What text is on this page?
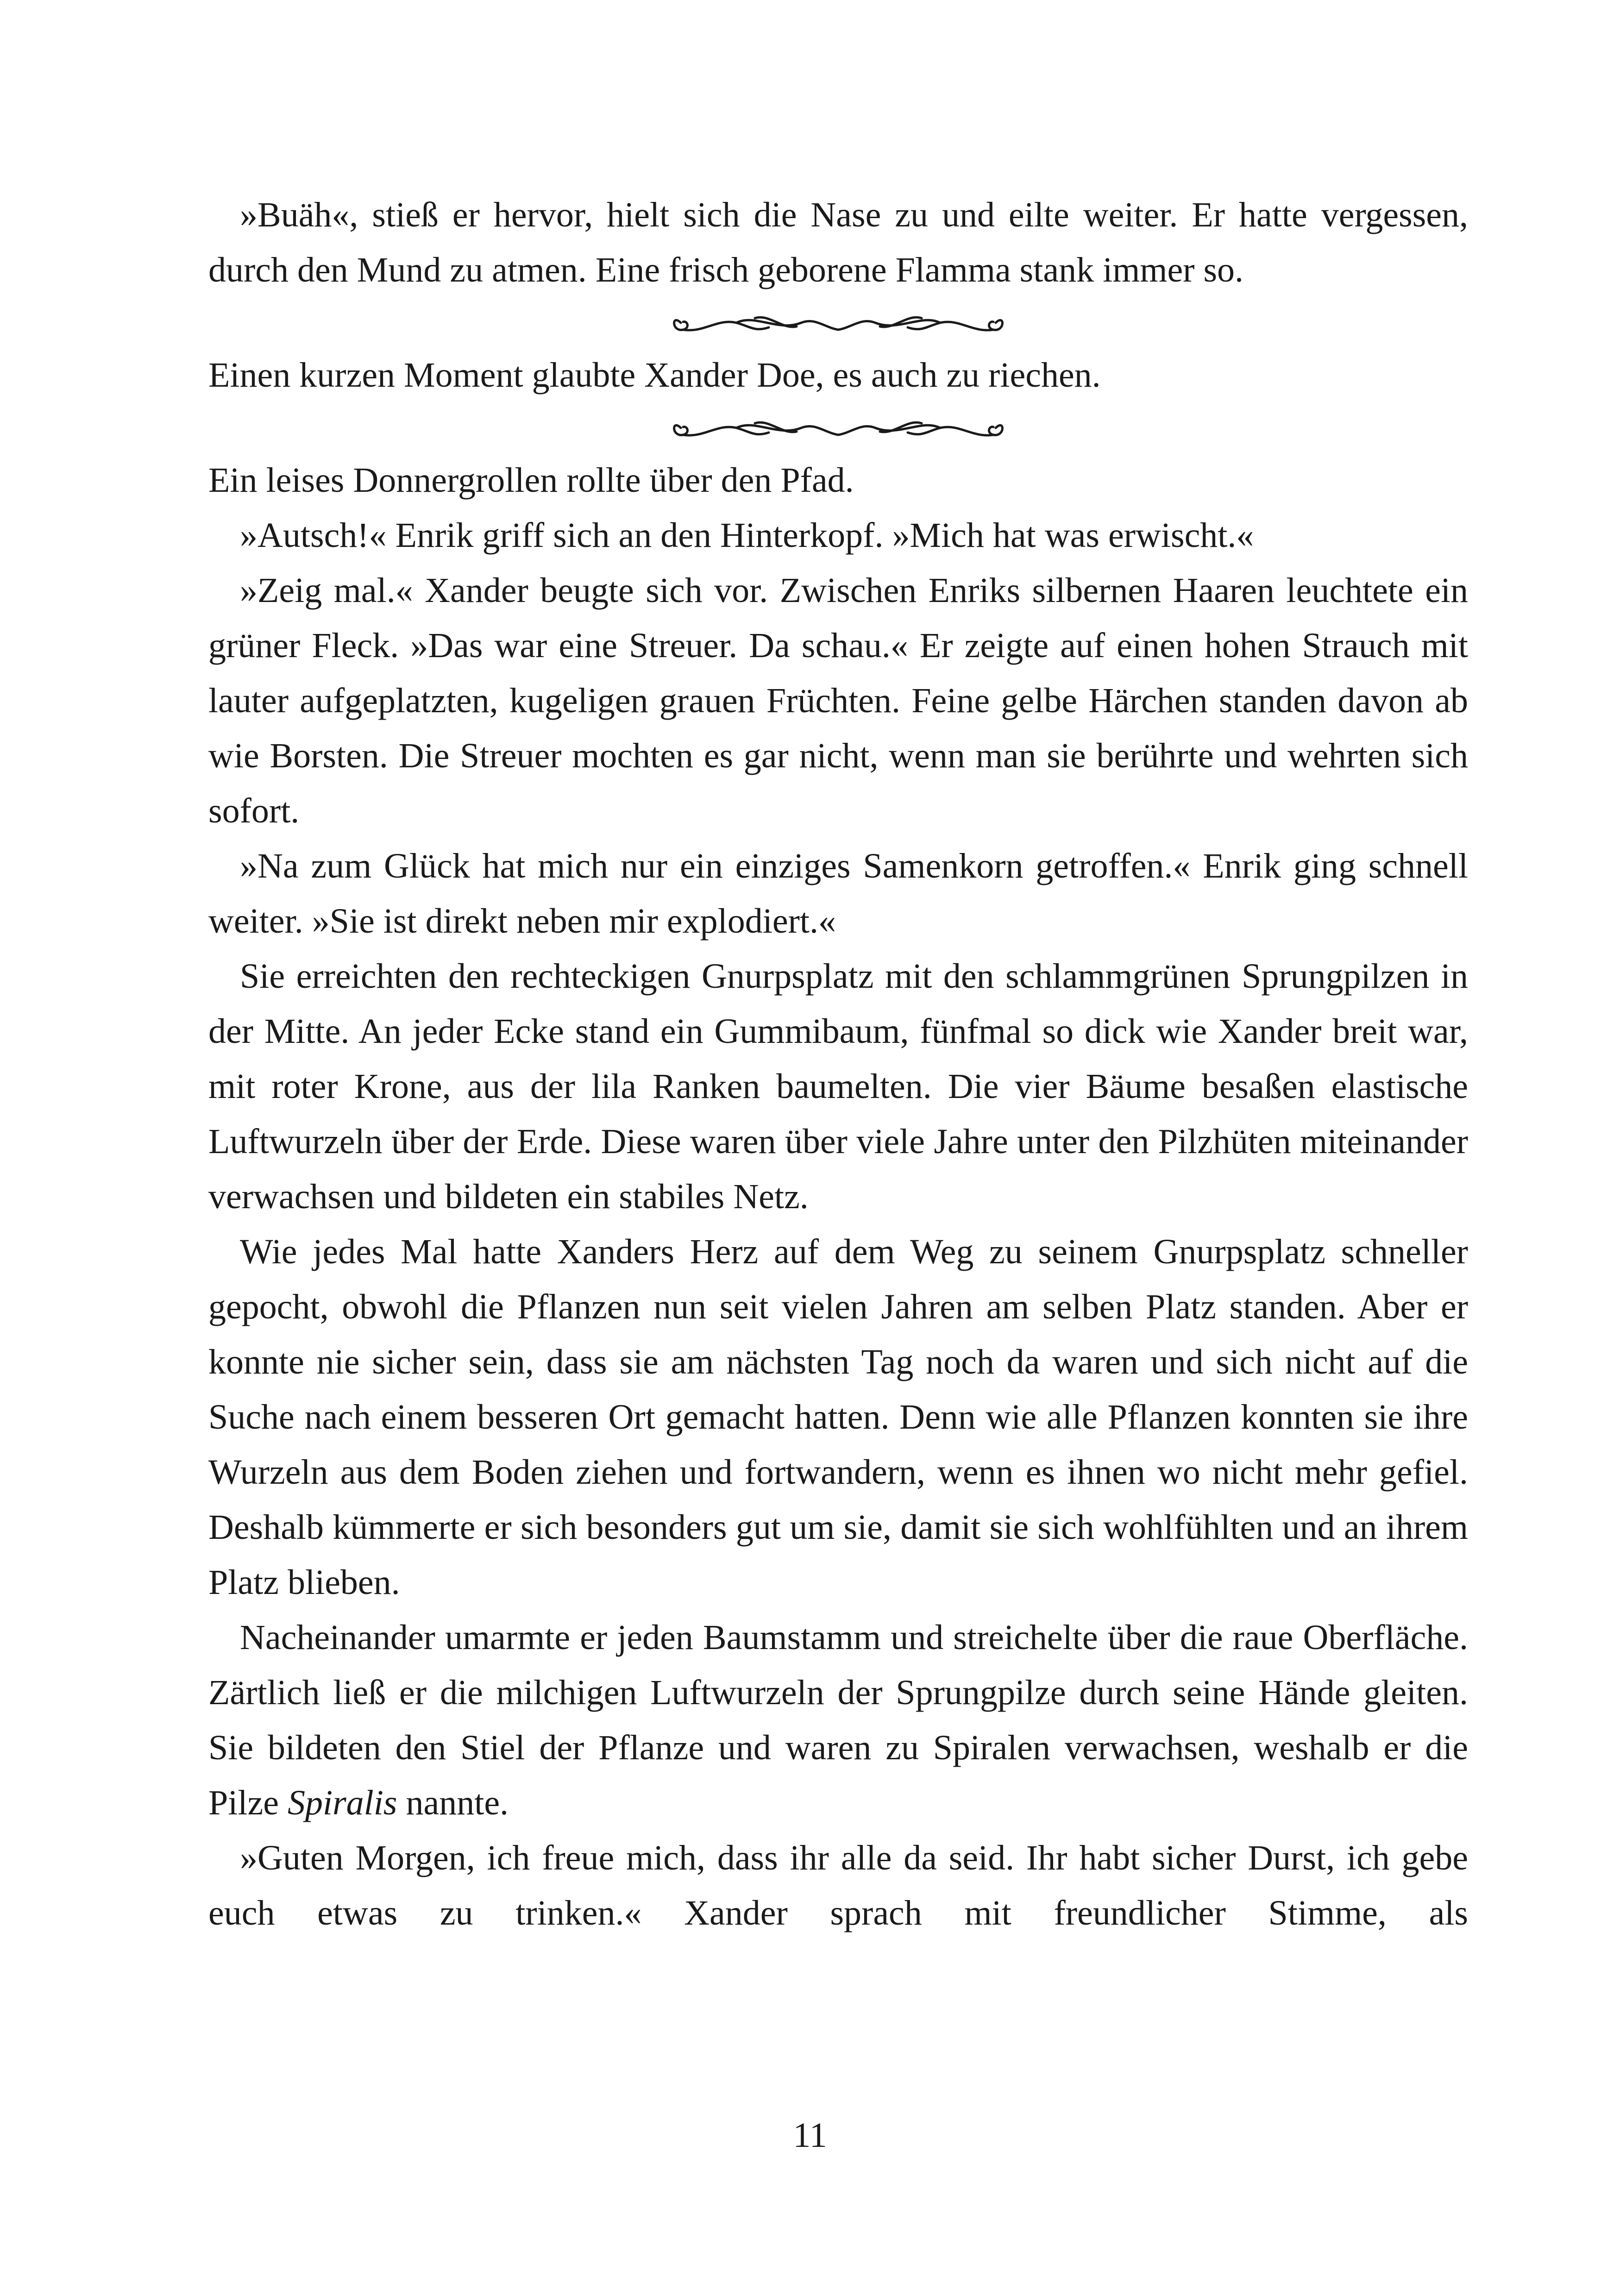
»Buäh«, stieß er hervor, hielt sich die Nase zu und eilte weiter. Er hatte vergessen, durch den Mund zu atmen. Eine frisch geborene Flamma stank immer so.

Einen kurzen Moment glaubte Xander Doe, es auch zu riechen.

Ein leises Donnergrollen rollte über den Pfad.

»Autsch!« Enrik griff sich an den Hinterkopf. »Mich hat was erwischt.«

»Zeig mal.« Xander beugte sich vor. Zwischen Enriks silbernen Haaren leuchtete ein grüner Fleck. »Das war eine Streuer. Da schau.« Er zeigte auf einen hohen Strauch mit lauter aufgeplatzten, kugeligen grauen Früchten. Feine gelbe Härchen standen davon ab wie Borsten. Die Streuer mochten es gar nicht, wenn man sie berührte und wehrten sich sofort.

»Na zum Glück hat mich nur ein einziges Samenkorn getroffen.« Enrik ging schnell weiter. »Sie ist direkt neben mir explodiert.«

Sie erreichten den rechteckigen Gnurpsplatz mit den schlammgrünen Sprungpilzen in der Mitte. An jeder Ecke stand ein Gummibaum, fünfmal so dick wie Xander breit war, mit roter Krone, aus der lila Ranken baumelten. Die vier Bäume besaßen elastische Luftwurzeln über der Erde. Diese waren über viele Jahre unter den Pilzhüten miteinander verwachsen und bildeten ein stabiles Netz.

Wie jedes Mal hatte Xanders Herz auf dem Weg zu seinem Gnurpsplatz schneller gepocht, obwohl die Pflanzen nun seit vielen Jahren am selben Platz standen. Aber er konnte nie sicher sein, dass sie am nächsten Tag noch da waren und sich nicht auf die Suche nach einem besseren Ort gemacht hatten. Denn wie alle Pflanzen konnten sie ihre Wurzeln aus dem Boden ziehen und fortwandern, wenn es ihnen wo nicht mehr gefiel. Deshalb kümmerte er sich besonders gut um sie, damit sie sich wohlfühlten und an ihrem Platz blieben.

Nacheinander umarmte er jeden Baumstamm und streichelte über die raue Oberfläche. Zärtlich ließ er die milchigen Luftwurzeln der Sprungpilze durch seine Hände gleiten. Sie bildeten den Stiel der Pflanze und waren zu Spiralen verwachsen, weshalb er die Pilze Spiralis nannte.

»Guten Morgen, ich freue mich, dass ihr alle da seid. Ihr habt sicher Durst, ich gebe euch etwas zu trinken.« Xander sprach mit freundlicher Stimme, als

11
